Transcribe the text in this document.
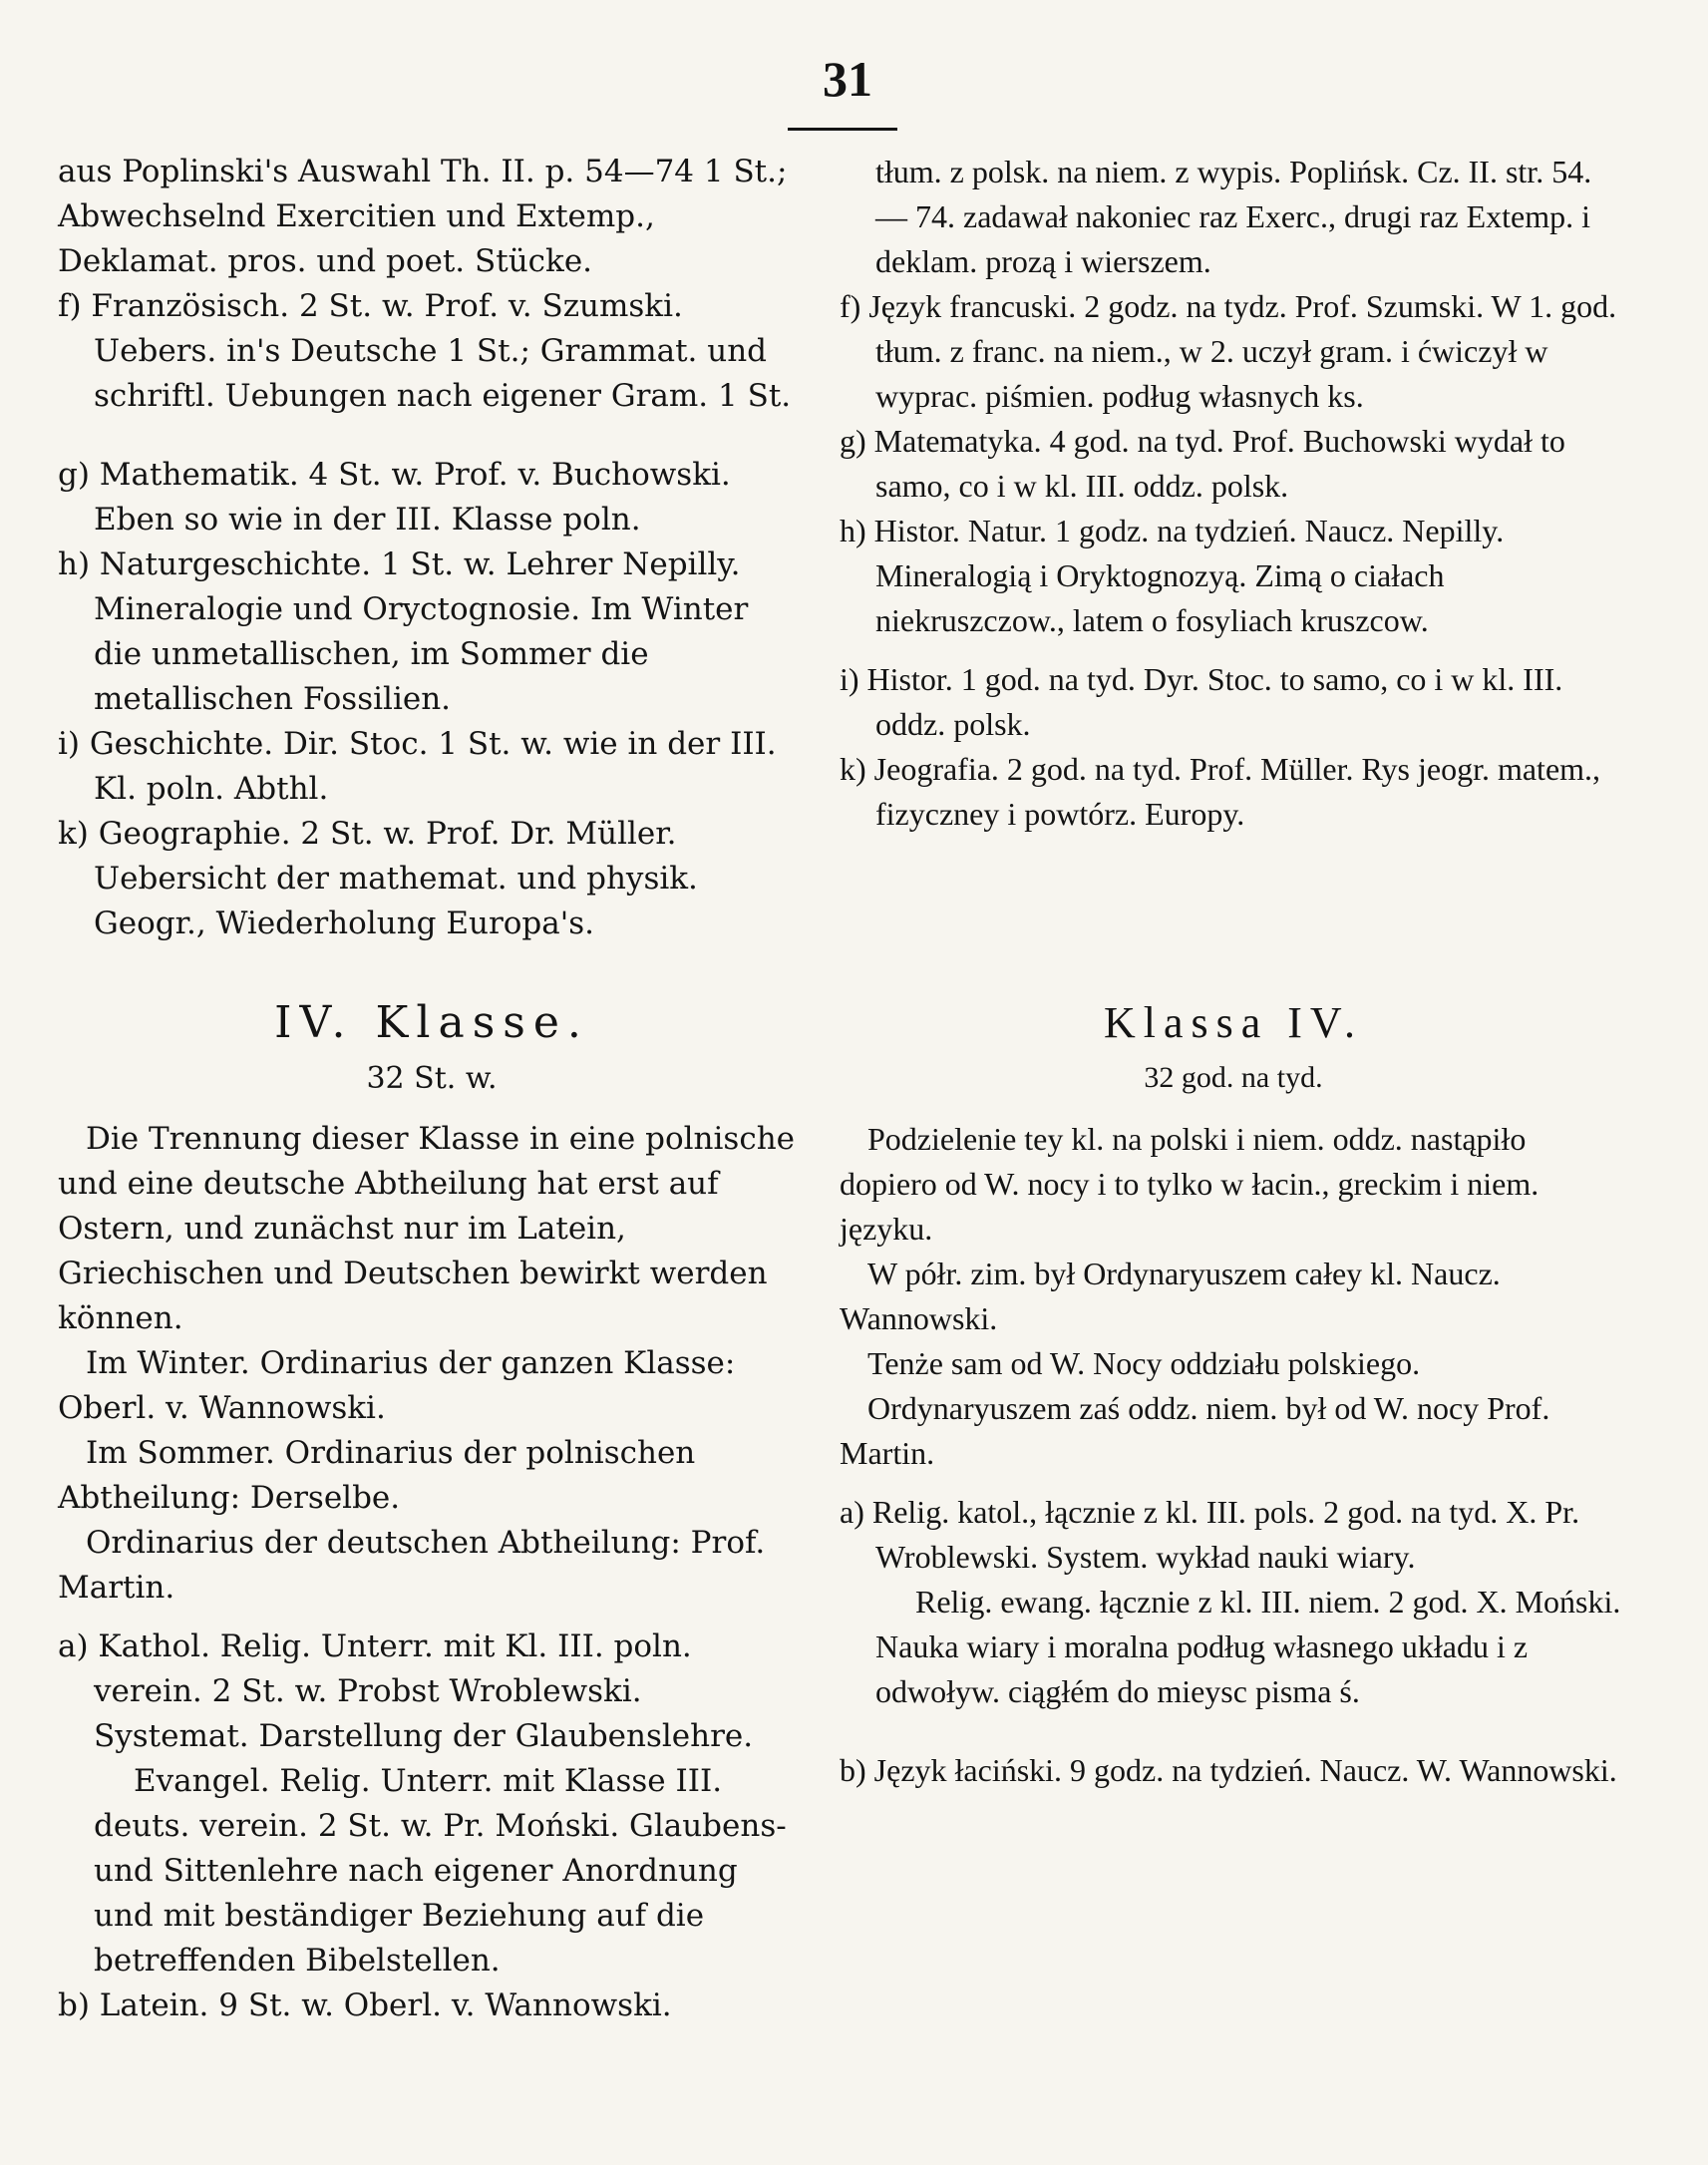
31

aus Poplinski's Auswahl Th. II. p. 54—74 1 St.; Abwechselnd Exercitien und Extemp., Deklamat. pros. und poet. Stücke.

f) Französisch. 2 St. w. Prof. v. Szumski. Uebers. in's Deutsche 1 St.; Grammat. und schriftl. Uebungen nach eigener Gram. 1 St.

g) Mathematik. 4 St. w. Prof. v. Buchowski. Eben so wie in der III. Klasse poln.

h) Naturgeschichte. 1 St. w. Lehrer Nepilly. Mineralogie und Oryctognosie. Im Winter die unmetallischen, im Sommer die metallischen Fossilien.

i) Geschichte. Dir. Stoc. 1 St. w. wie in der III. Kl. poln. Abthl.

k) Geographie. 2 St. w. Prof. Dr. Müller. Uebersicht der mathemat. und physik. Geogr., Wiederholung Europa's.

tłum. z polsk. na niem. z wypis. Poplińsk. Cz. II. str. 54. — 74. zadawał nakoniec raz Exerc., drugi raz Extemp. i deklam. prozą i wierszem.

f) Język francuski. 2 godz. na tydz. Prof. Szumski. W 1. god. tłum. z franc. na niem., w 2. uczył gram. i ćwiczył w wyprac. piśmien. podług własnych ks.

g) Matematyka. 4 god. na tyd. Prof. Buchowski wydał to samo, co i w kl. III. oddz. polsk.

h) Histor. Natur. 1 godz. na tydzień. Naucz. Nepilly. Mineralogią i Oryktognozyą. Zimą o ciałach niekruszczow., latem o fosyliach kruszcow.

i) Histor. 1 god. na tyd. Dyr. Stoc. to samo, co i w kl. III. oddz. polsk.

k) Jeografia. 2 god. na tyd. Prof. Müller. Rys jeogr. matem., fizyczney i powtórz. Europy.

IV. Klasse.

32 St. w.

Klassa IV.

32 god. na tyd.

Die Trennung dieser Klasse in eine polnische und eine deutsche Abtheilung hat erst auf Ostern, und zunächst nur im Latein, Griechischen und Deutschen bewirkt werden können.

Im Winter. Ordinarius der ganzen Klasse: Oberl. v. Wannowski.

Im Sommer. Ordinarius der polnischen Abtheilung: Derselbe.

Ordinarius der deutschen Abtheilung: Prof. Martin.

a) Kathol. Relig. Unterr. mit Kl. III. poln. verein. 2 St. w. Probst Wroblewski. Systemat. Darstellung der Glaubenslehre.

Evangel. Relig. Unterr. mit Klasse III. deuts. verein. 2 St. w. Pr. Moński. Glaubens- und Sittenlehre nach eigener Anordnung und mit beständiger Beziehung auf die betreffenden Bibelstellen.

b) Latein. 9 St. w. Oberl. v. Wannowski.

Podzielenie tey kl. na polski i niem. oddz. nastąpiło dopiero od W. nocy i to tylko w łacin., greckim i niem. języku.

W półr. zim. był Ordynaryuszem całey kl. Naucz. Wannowski.

Tenże sam od W. Nocy oddziału polskiego.

Ordynaryuszem zaś oddz. niem. był od W. nocy Prof. Martin.

a) Relig. katol., łącznie z kl. III. pols. 2 god. na tyd. X. Pr. Wroblewski. System. wykład nauki wiary.

Relig. ewang. łącznie z kl. III. niem. 2 god. X. Moński. Nauka wiary i moralna podług własnego układu i z odwoływ. ciągłém do mieysc pisma ś.

b) Język łaciński. 9 godz. na tydzień. Naucz. W. Wannowski.
